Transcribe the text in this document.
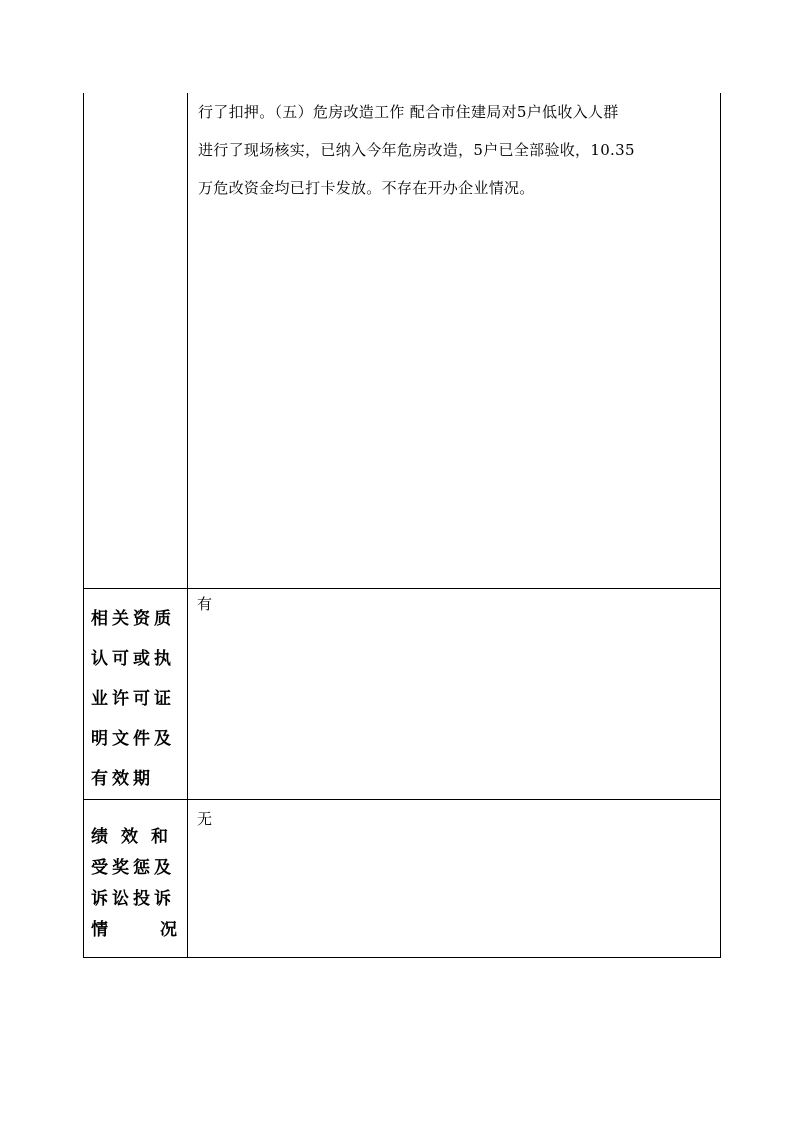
	行了扣押。（五）危房改造工作 配合市住建局对5户低收入人群

进行了现场核实，已纳入今年危房改造，5户已全部验收，10.35

万危改资金均已打卡发放。不存在开办企业情况。

相关资质
认可或执
业许可证
明文件及
有效期	有

绩效和
受奖惩及
诉讼投诉
情 况	无
